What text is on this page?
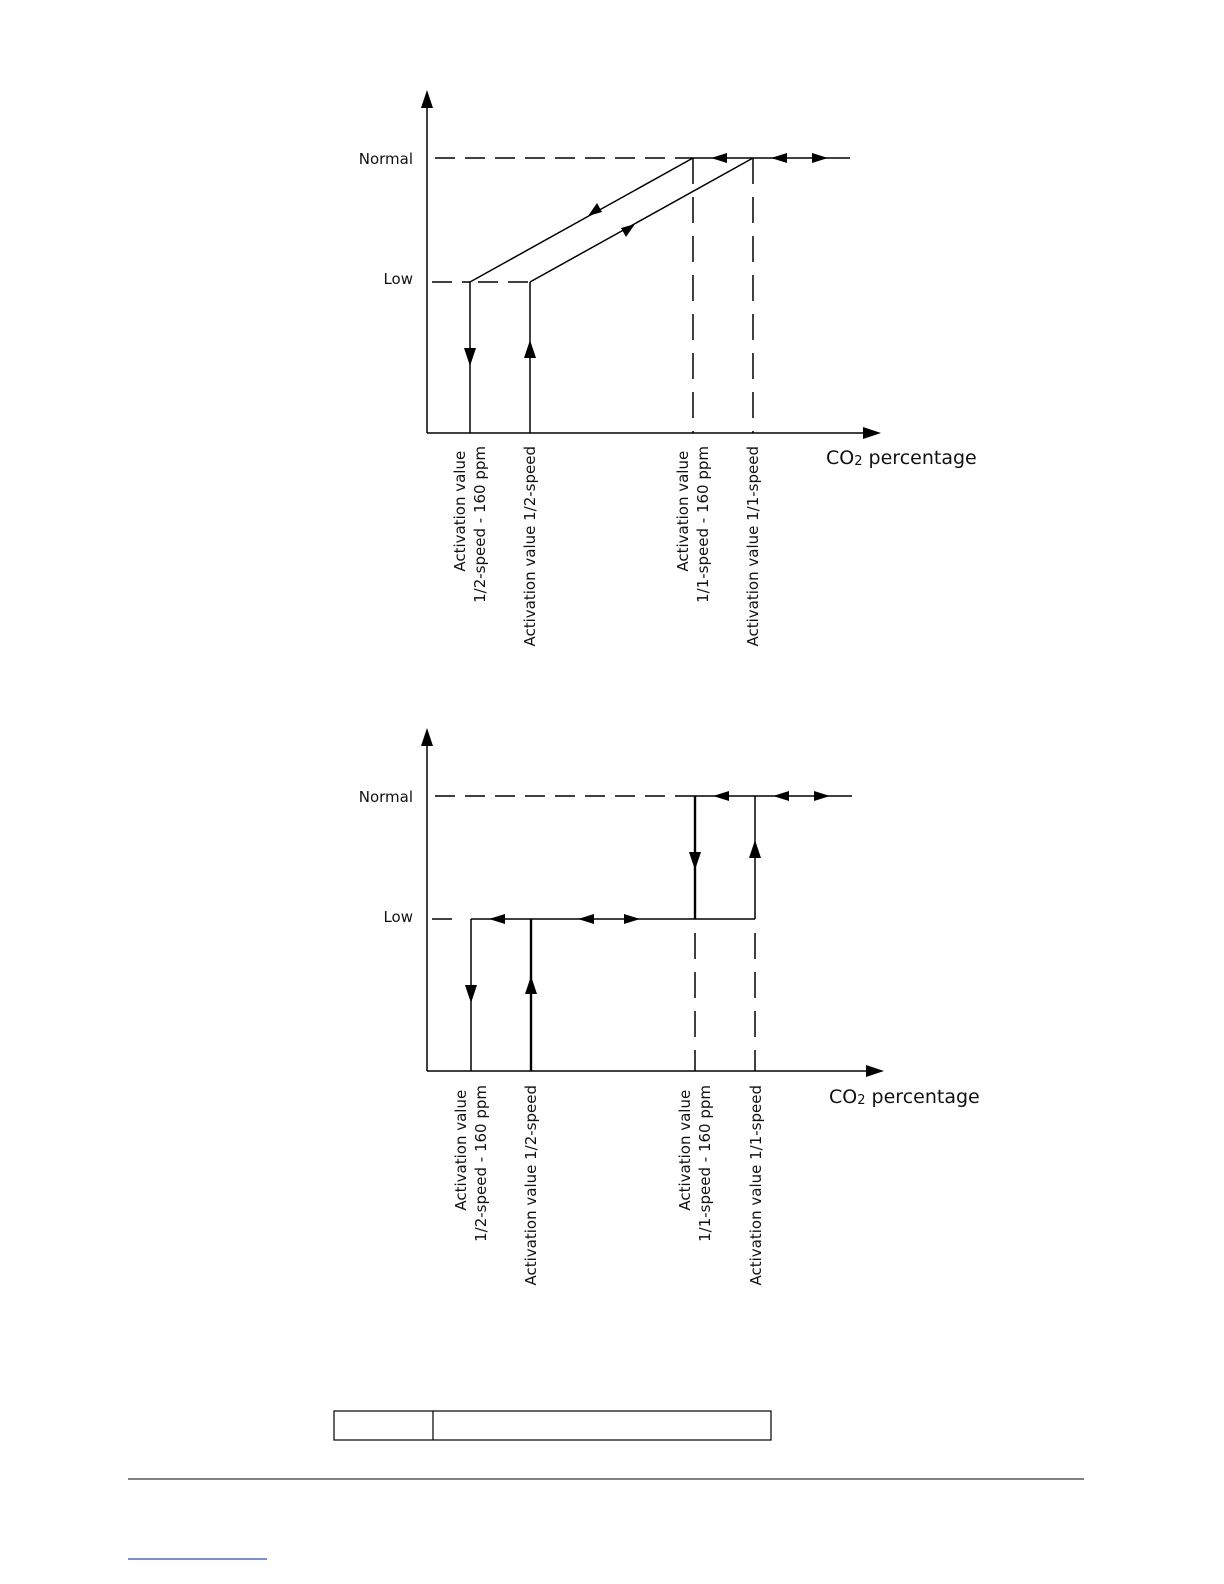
Normal
Low
CO2 percentage
Activation value 1/2-speed - 160 ppm Activation value 1/2-speed	Activation value 1/1-speed - 160 ppm Activation value 1/1-speed
Normal
Low
CO2 percentage
Activation value 1/2-speed - 160 ppm Activation value 1/2-speed	Activation value 1/1-speed - 160 ppm Activation value 1/1-speed
